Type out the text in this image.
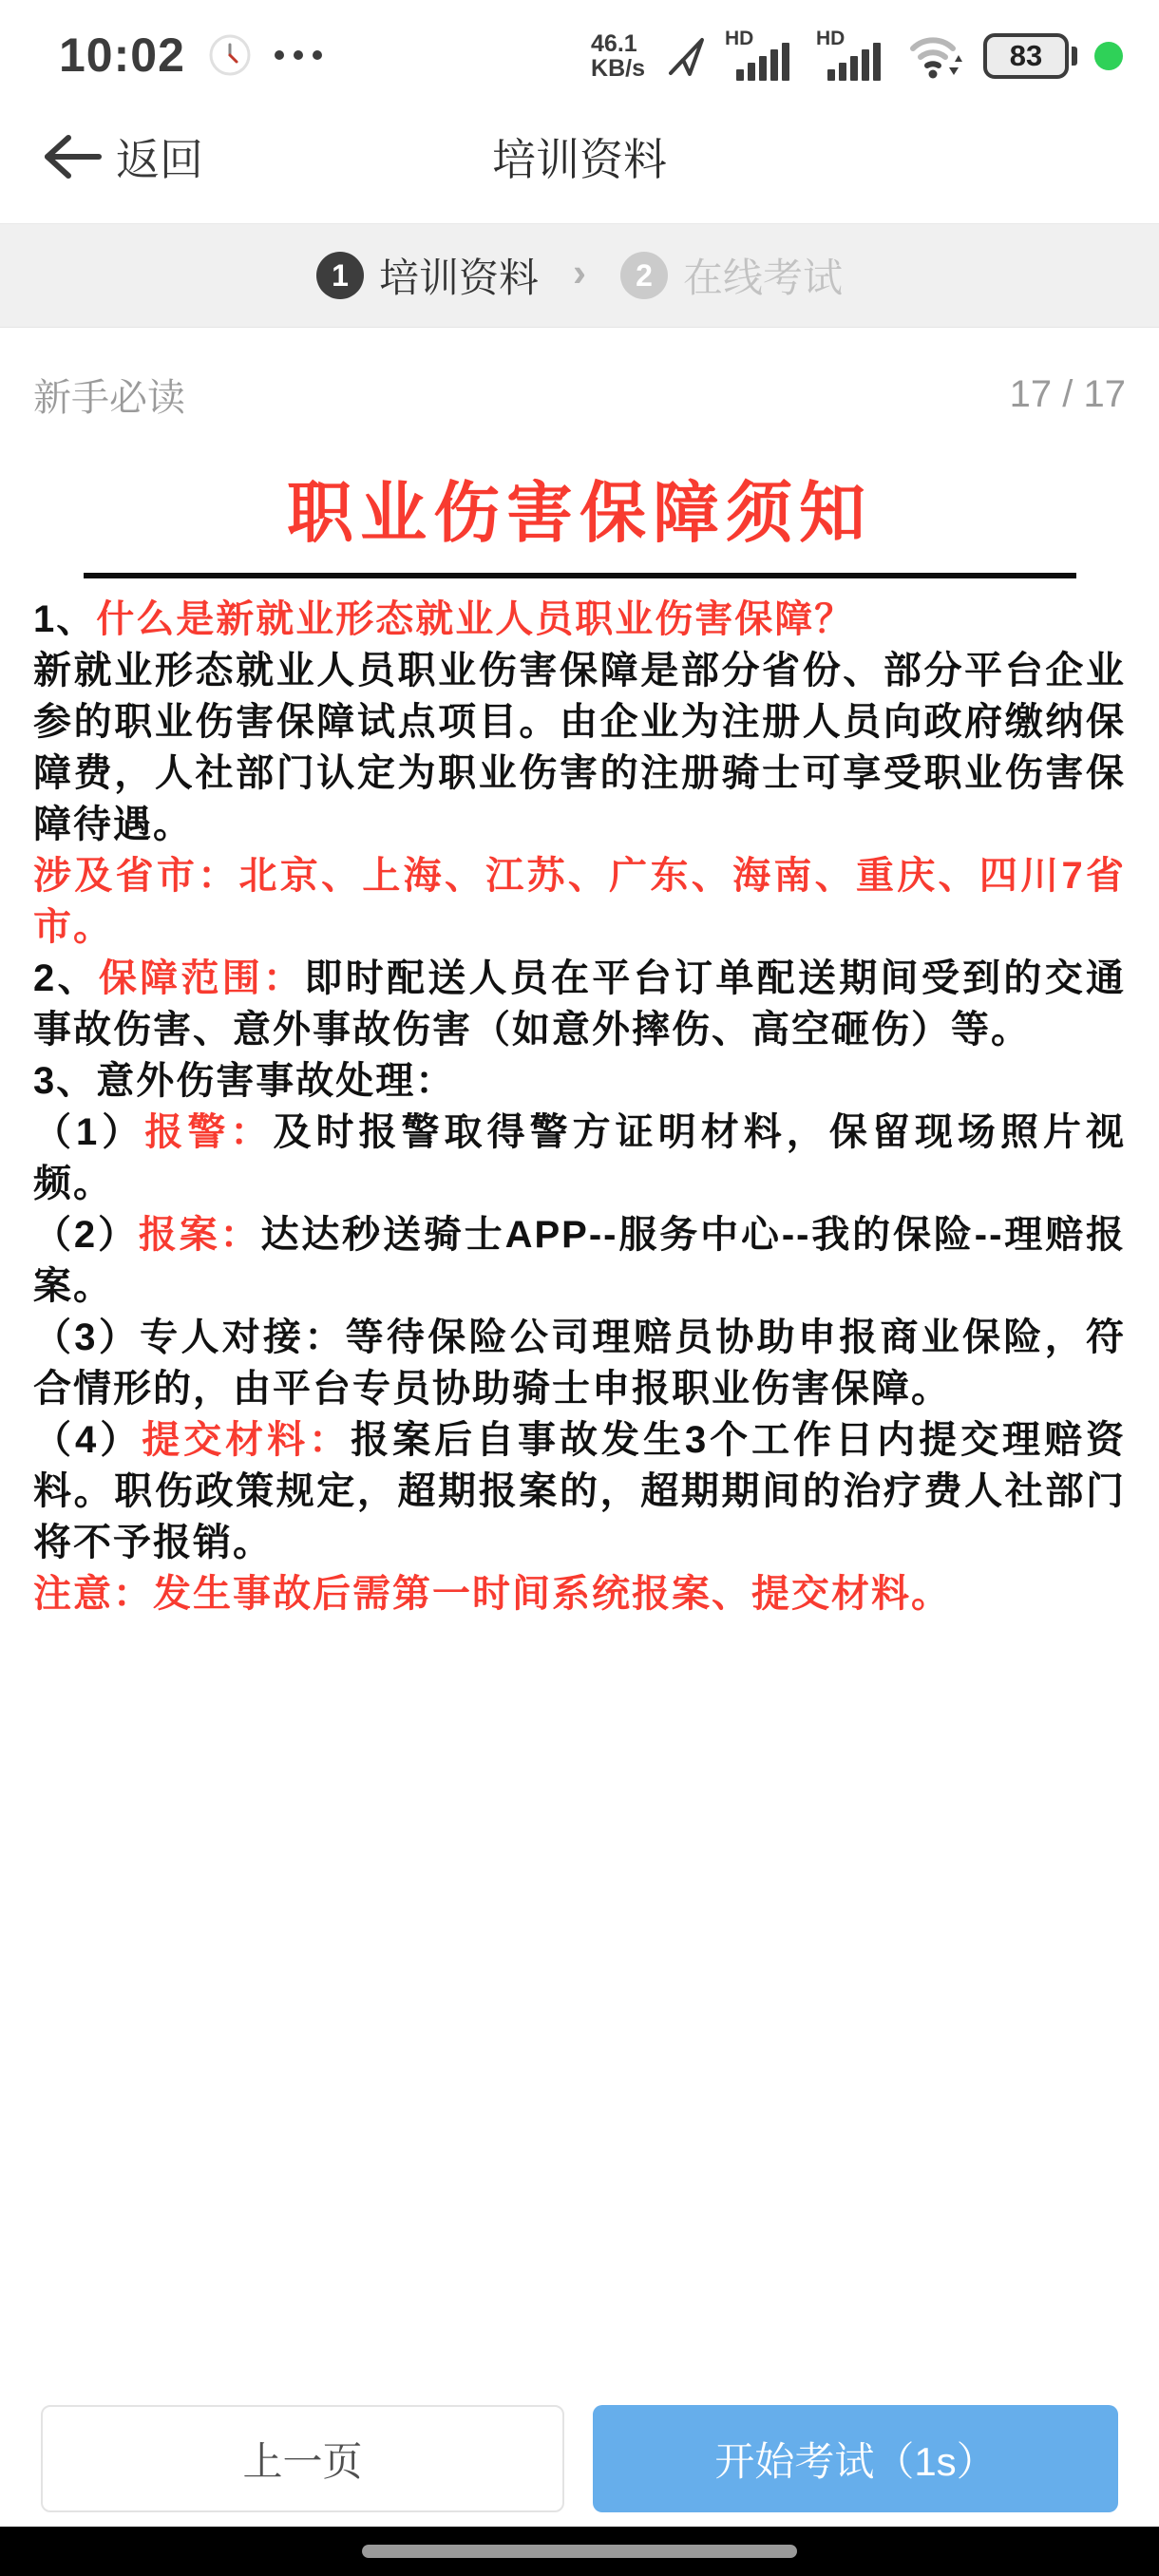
10:02	46.1
KB/s
HD	HD
83
返回	培训资料
1 培训资料 ›	2 在线考试
新手必读	17 / 17
职业伤害保障须知

1、什么是新就业形态就业人员职业伤害保障？

新就业形态就业人员职业伤害保障是部分省份、部分平台企业参的职业伤害保障试点项目。由企业为注册人员向政府缴纳保障费，人社部门认定为职业伤害的注册骑士可享受职业伤害保障待遇。

涉及省市：北京、上海、江苏、广东、海南、重庆、四川7省市。

2、保障范围：即时配送人员在平台订单配送期间受到的交通事故伤害、意外事故伤害（如意外摔伤、高空砸伤）等。

3、意外伤害事故处理：

（1）报警：及时报警取得警方证明材料，保留现场照片视频。

（2）报案：达达秒送骑士APP--服务中心--我的保险--理赔报案。

（3）专人对接：等待保险公司理赔员协助申报商业保险，符合情形的，由平台专员协助骑士申报职业伤害保障。

（4）提交材料：报案后自事故发生3个工作日内提交理赔资料。职伤政策规定，超期报案的，超期期间的治疗费人社部门将不予报销。

注意：发生事故后需第一时间系统报案、提交材料。

上一页	开始考试（1s）
